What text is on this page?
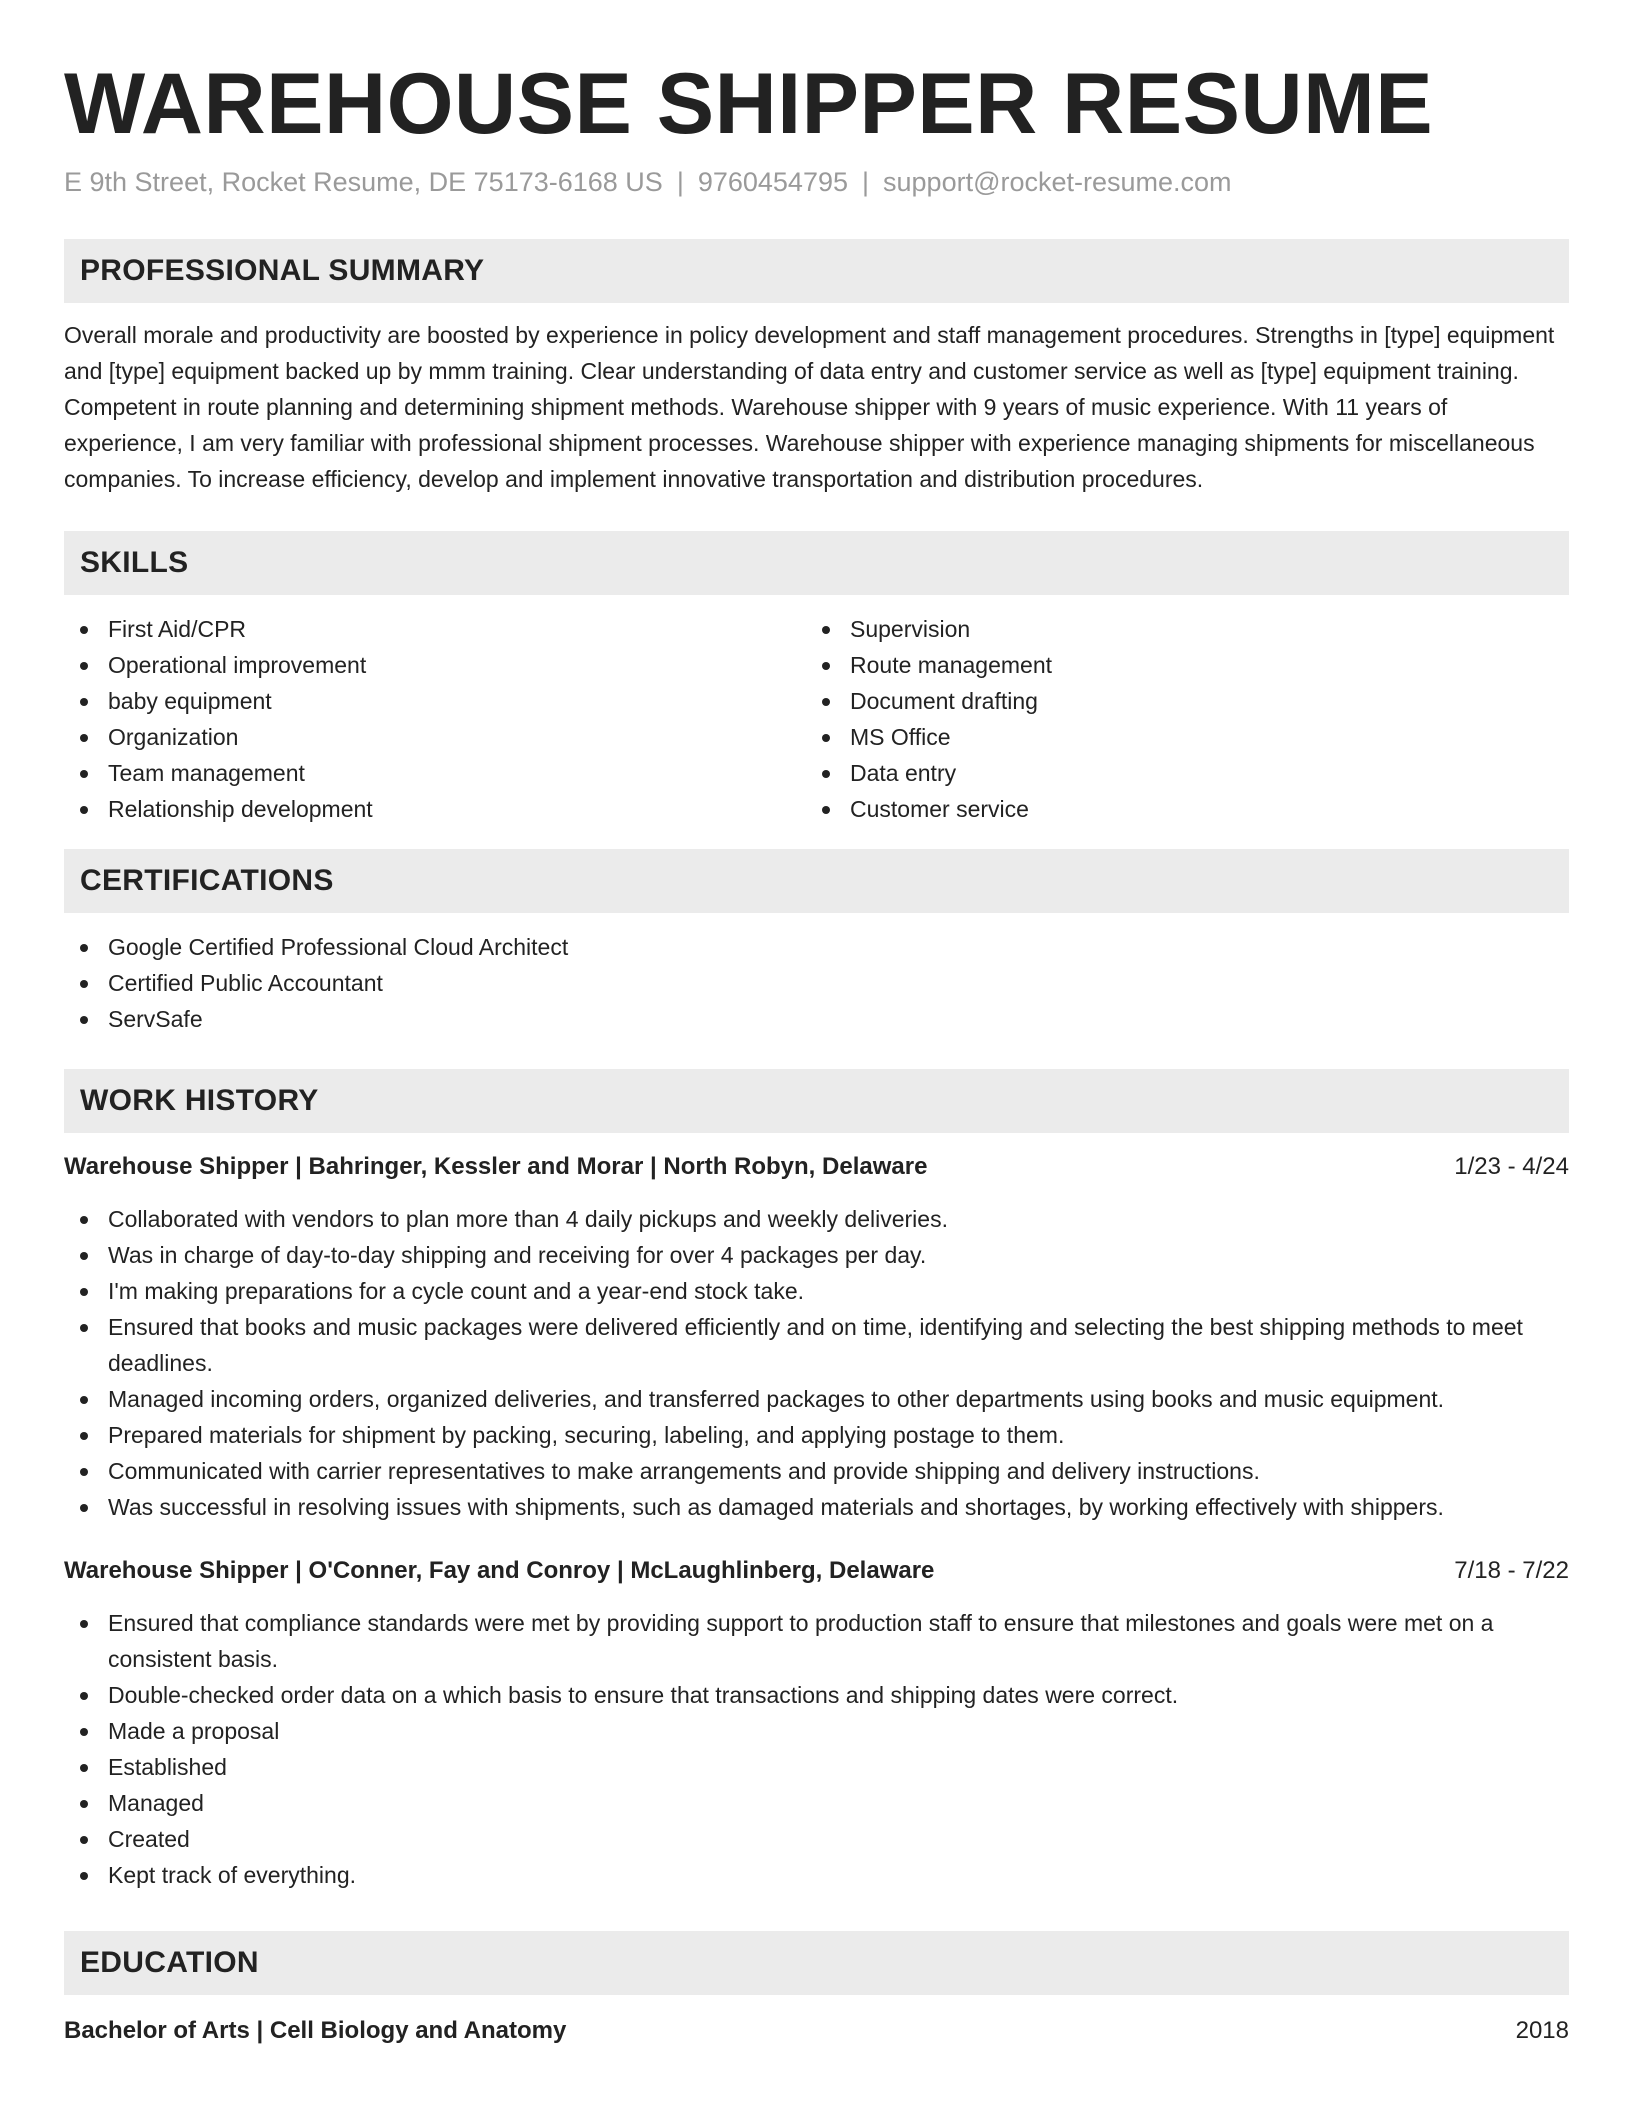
WAREHOUSE SHIPPER RESUME
E 9th Street, Rocket Resume, DE 75173-6168 US | 9760454795 | support@rocket-resume.com
PROFESSIONAL SUMMARY

Overall morale and productivity are boosted by experience in policy development and staff management procedures. Strengths in [type] equipment and [type] equipment backed up by mmm training. Clear understanding of data entry and customer service as well as [type] equipment training. Competent in route planning and determining shipment methods. Warehouse shipper with 9 years of music experience. With 11 years of experience, I am very familiar with professional shipment processes. Warehouse shipper with experience managing shipments for miscellaneous companies. To increase efficiency, develop and implement innovative transportation and distribution procedures.

SKILLS
First Aid/CPR
Operational improvement
baby equipment
Organization
Team management
Relationship development
Supervision
Route management
Document drafting
MS Office
Data entry
Customer service
CERTIFICATIONS
Google Certified Professional Cloud Architect
Certified Public Accountant
ServSafe
WORK HISTORY
Warehouse Shipper | Bahringer, Kessler and Morar | North Robyn, Delaware	1/23 - 4/24
Collaborated with vendors to plan more than 4 daily pickups and weekly deliveries.
Was in charge of day-to-day shipping and receiving for over 4 packages per day.
I'm making preparations for a cycle count and a year-end stock take.
Ensured that books and music packages were delivered efficiently and on time, identifying and selecting the best shipping methods to meet deadlines.
Managed incoming orders, organized deliveries, and transferred packages to other departments using books and music equipment.
Prepared materials for shipment by packing, securing, labeling, and applying postage to them.
Communicated with carrier representatives to make arrangements and provide shipping and delivery instructions.
Was successful in resolving issues with shipments, such as damaged materials and shortages, by working effectively with shippers.
Warehouse Shipper | O'Conner, Fay and Conroy | McLaughlinberg, Delaware	7/18 - 7/22
Ensured that compliance standards were met by providing support to production staff to ensure that milestones and goals were met on a consistent basis.
Double-checked order data on a which basis to ensure that transactions and shipping dates were correct.
Made a proposal
Established
Managed
Created
Kept track of everything.
EDUCATION
Bachelor of Arts | Cell Biology and Anatomy	2018
